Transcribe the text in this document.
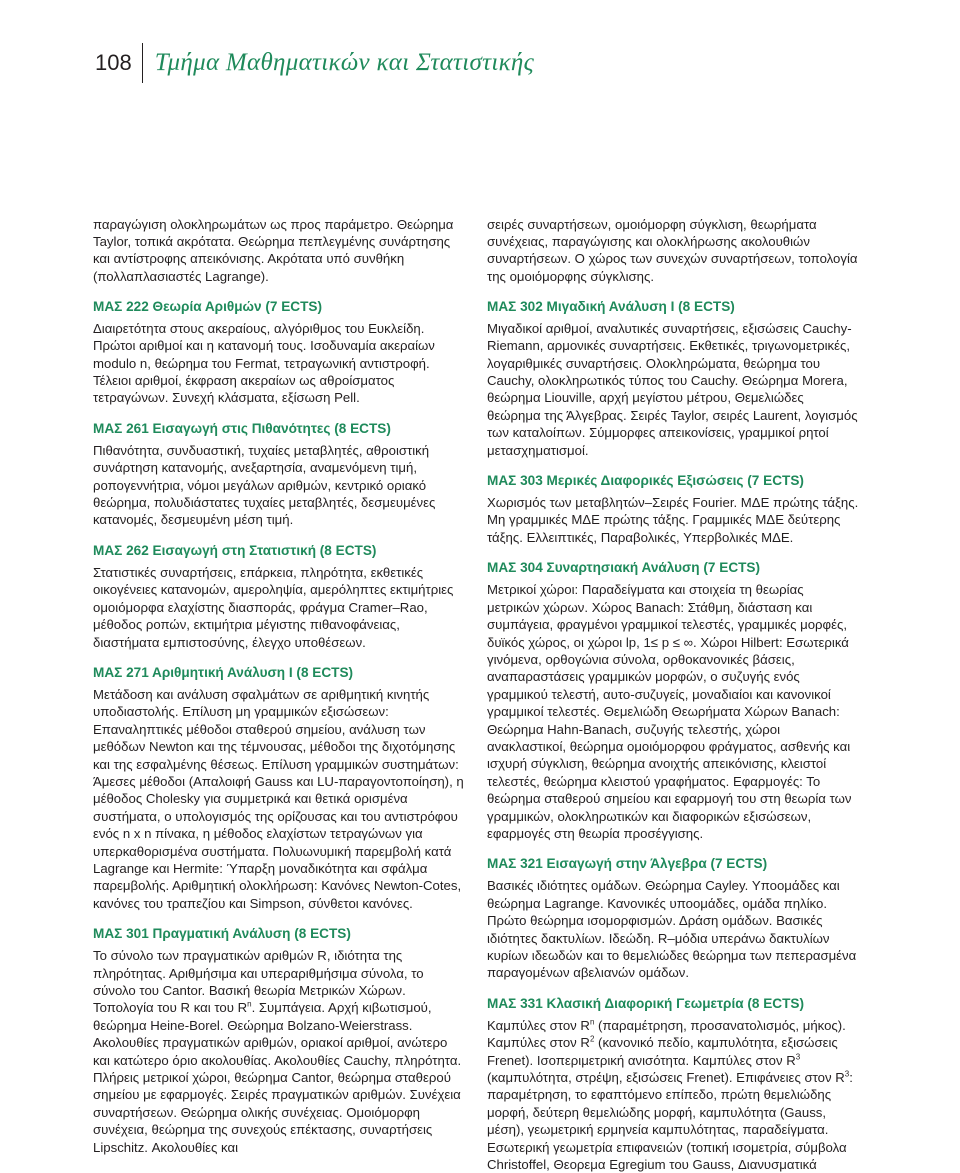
108 Τμήμα Μαθηματικών και Στατιστικής

παραγώγιση ολοκληρωμάτων ως προς παράμετρο. Θεώρημα Taylor, τοπικά ακρότατα. Θεώρημα πεπλεγμένης συνάρτησης και αντίστροφης απεικόνισης. Ακρότατα υπό συνθήκη (πολλαπλασιαστές Lagrange).

ΜΑΣ 222 Θεωρία Αριθμών (7 ECTS)

Διαιρετότητα στους ακεραίους, αλγόριθμος του Ευκλείδη. Πρώτοι αριθμοί και η κατανομή τους. Ισοδυναμία ακεραίων modulo n, θεώρημα του Fermat, τετραγωνική αντιστροφή. Τέλειοι αριθμοί, έκφραση ακεραίων ως αθροίσματος τετραγώνων. Συνεχή κλάσματα, εξίσωση Pell.

ΜΑΣ 261 Εισαγωγή στις Πιθανότητες (8 ECTS)

Πιθανότητα, συνδυαστική, τυχαίες μεταβλητές, αθροιστική συνάρτηση κατανομής, ανεξαρτησία, αναμενόμενη τιμή, ροπογεννήτρια, νόμοι μεγάλων αριθμών, κεντρικό οριακό θεώρημα, πολυδιάστατες τυχαίες μεταβλητές, δεσμευμένες κατανομές, δεσμευμένη μέση τιμή.

ΜΑΣ 262 Εισαγωγή στη Στατιστική (8 ECTS)

Στατιστικές συναρτήσεις, επάρκεια, πληρότητα, εκθετικές οικογένειες κατανομών, αμεροληψία, αμερόληπτες εκτιμήτριες ομοιόμορφα ελαχίστης διασποράς, φράγμα Cramer–Rao, μέθοδος ροπών, εκτιμήτρια μέγιστης πιθανοφάνειας, διαστήματα εμπιστοσύνης, έλεγχο υποθέσεων.

ΜΑΣ 271 Αριθμητική Ανάλυση Ι (8 ECTS)

Μετάδοση και ανάλυση σφαλμάτων σε αριθμητική κινητής υποδιαστολής. Επίλυση μη γραμμικών εξισώσεων: Επαναληπτικές μέθοδοι σταθερού σημείου, ανάλυση των μεθόδων Newton και της τέμνουσας, μέθοδοι της διχοτόμησης και της εσφαλμένης θέσεως. Επίλυση γραμμικών συστημάτων: Άμεσες μέθοδοι (Απαλοιφή Gauss και LU-παραγοντοποίηση), η μέθοδος Cholesky για συμμετρικά και θετικά ορισμένα συστήματα, ο υπολογισμός της ορίζουσας και του αντιστρόφου ενός n x n πίνακα, η μέθοδος ελαχίστων τετραγώνων για υπερκαθορισμένα συστήματα. Πολυωνυμική παρεμβολή κατά Lagrange και Hermite: Ύπαρξη μοναδικότητα και σφάλμα παρεμβολής. Αριθμητική ολοκλήρωση: Κανόνες Newton-Cotes, κανόνες του τραπεζίου και Simpson, σύνθετοι κανόνες.

ΜΑΣ 301 Πραγματική Ανάλυση (8 ECTS)

Το σύνολο των πραγματικών αριθμών R, ιδιότητα της πληρότητας. Αριθμήσιμα και υπεραριθμήσιμα σύνολα, το σύνολο του Cantor. Βασική θεωρία Μετρικών Χώρων. Τοπολογία του R και του $R^n$. Συμπάγεια. Αρχή κιβωτισμού, θεώρημα Heine-Borel. Θεώρημα Bolzano-Weierstrass. Ακολουθίες πραγματικών αριθμών, οριακοί αριθμοί, ανώτερο και κατώτερο όριο ακολουθίας. Ακολουθίες Cauchy, πληρότητα. Πλήρεις μετρικοί χώροι, θεώρημα Cantor, θεώρημα σταθερού σημείου με εφαρμογές. Σειρές πραγματικών αριθμών. Συνέχεια συναρτήσεων. Θεώρημα ολικής συνέχειας. Ομοιόμορφη συνέχεια, θεώρημα της συνεχούς επέκτασης, συναρτήσεις Lipschitz. Ακολουθίες και

σειρές συναρτήσεων, ομοιόμορφη σύγκλιση, θεωρήματα συνέχειας, παραγώγισης και ολοκλήρωσης ακολουθιών συναρτήσεων. Ο χώρος των συνεχών συναρτήσεων, τοπολογία της ομοιόμορφης σύγκλισης.

ΜΑΣ 302 Μιγαδική Ανάλυση Ι (8 ECTS)

Μιγαδικοί αριθμοί, αναλυτικές συναρτήσεις, εξισώσεις Cauchy-Riemann, αρμονικές συναρτήσεις. Εκθετικές, τριγωνομετρικές, λογαριθμικές συναρτήσεις. Ολοκληρώματα, θεώρημα του Cauchy, ολοκληρωτικός τύπος του Cauchy. Θεώρημα Morera, θεώρημα Liouville, αρχή μεγίστου μέτρου, Θεμελιώδες θεώρημα της Άλγεβρας. Σειρές Taylor, σειρές Laurent, λογισμός των καταλοίπων. Σύμμορφες απεικονίσεις, γραμμικοί ρητοί μετασχηματισμοί.

ΜΑΣ 303 Μερικές Διαφορικές Εξισώσεις (7 ECTS)

Χωρισμός των μεταβλητών–Σειρές Fourier. ΜΔΕ πρώτης τάξης. Μη γραμμικές ΜΔΕ πρώτης τάξης. Γραμμικές ΜΔΕ δεύτερης τάξης. Ελλειπτικές, Παραβολικές, Υπερβολικές ΜΔΕ.

ΜΑΣ 304 Συναρτησιακή Ανάλυση (7 ECTS)

Μετρικοί χώροι: Παραδείγματα και στοιχεία τη θεωρίας μετρικών χώρων. Χώρος Banach: Στάθμη, διάσταση και συμπάγεια, φραγμένοι γραμμικοί τελεστές, γραμμικές μορφές, δυϊκός χώρος, οι χώροι lp, 1≤ p ≤ ∞. Χώροι Hilbert: Εσωτερικά γινόμενα, ορθογώνια σύνολα, ορθοκανονικές βάσεις, αναπαραστάσεις γραμμικών μορφών, ο συζυγής ενός γραμμικού τελεστή, αυτο-συζυγείς, μοναδιαίοι και κανονικοί γραμμικοί τελεστές. Θεμελιώδη Θεωρήματα Χώρων Banach: Θεώρημα Hahn-Banach, συζυγής τελεστής, χώροι ανακλαστικοί, θεώρημα ομοιόμορφου φράγματος, ασθενής και ισχυρή σύγκλιση, θεώρημα ανοιχτής απεικόνισης, κλειστοί τελεστές, θεώρημα κλειστού γραφήματος. Εφαρμογές: Το θεώρημα σταθερού σημείου και εφαρμογή του στη θεωρία των γραμμικών, ολοκληρωτικών και διαφορικών εξισώσεων, εφαρμογές στη θεωρία προσέγγισης.

ΜΑΣ 321 Εισαγωγή στην Άλγεβρα (7 ECTS)

Βασικές ιδιότητες ομάδων. Θεώρημα Cayley. Υποομάδες και θεώρημα Lagrange. Κανονικές υποομάδες, ομάδα πηλίκο. Πρώτο θεώρημα ισομορφισμών. Δράση ομάδων. Βασικές ιδιότητες δακτυλίων. Ιδεώδη. R–μόδια υπεράνω δακτυλίων κυρίων ιδεωδών και το θεμελιώδες θεώρημα των πεπερασμένα παραγομένων αβελιανών ομάδων.

ΜΑΣ 331 Κλασική Διαφορική Γεωμετρία (8 ECTS)

Καμπύλες στον $R^n$ (παραμέτρηση, προσανατολισμός, μήκος). Καμπύλες στον $R^2$ (κανονικό πεδίο, καμπυλότητα, εξισώσεις Frenet). Ισοπεριμετρική ανισότητα. Καμπύλες στον $R^3$ (καμπυλότητα, στρέψη, εξισώσεις Frenet). Επιφάνειες στον $R^3$: παραμέτρηση, το εφαπτόμενο επίπεδο, πρώτη θεμελιώδης μορφή, δεύτερη θεμελιώδης μορφή, καμπυλότητα (Gauss, μέση), γεωμετρική ερμηνεία καμπυλότητας, παραδείγματα. Εσωτερική γεωμετρία επιφανειών (τοπική ισομετρία, σύμβολα Christoffel, Θεορεμα Egregium του Gauss, Διανυσματικά
